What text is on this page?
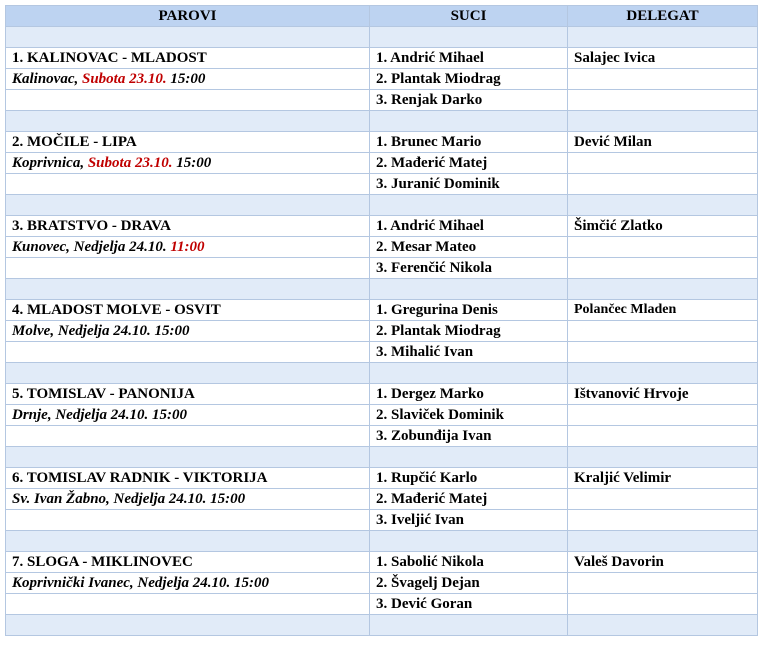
PAROVI	SUCI	DELEGAT

1. KALINOVAC - MLADOST	1. Andrić Mihael	Salajec Ivica
Kalinovac, Subota 23.10. 15:00	2. Plantak Miodrag	
	3. Renjak Darko	

2. MOČILE - LIPA	1. Brunec Mario	Dević Milan
Koprivnica, Subota 23.10. 15:00	2. Mađerić Matej	
	3. Juranić Dominik	

3. BRATSTVO - DRAVA	1. Andrić Mihael	Šimčić Zlatko
Kunovec, Nedjelja 24.10. 11:00	2. Mesar Mateo	
	3. Ferenčić Nikola	

4. MLADOST MOLVE - OSVIT	1. Gregurina Denis	Polančec Mladen
Molve, Nedjelja 24.10. 15:00	2. Plantak Miodrag	
	3. Mihalić Ivan	

5. TOMISLAV - PANONIJA	1. Dergez Marko	Ištvanović Hrvoje
Drnje, Nedjelja 24.10. 15:00	2. Slaviček Dominik	
	3. Zobunđija Ivan	

6. TOMISLAV RADNIK - VIKTORIJA	1. Rupčić Karlo	Kraljić Velimir
Sv. Ivan Žabno, Nedjelja 24.10. 15:00	2. Mađerić Matej	
	3. Iveljić Ivan	

7. SLOGA - MIKLINOVEC	1. Sabolić Nikola	Valeš Davorin
Koprivnički Ivanec, Nedjelja 24.10. 15:00	2. Švagelj Dejan	
	3. Dević Goran	
